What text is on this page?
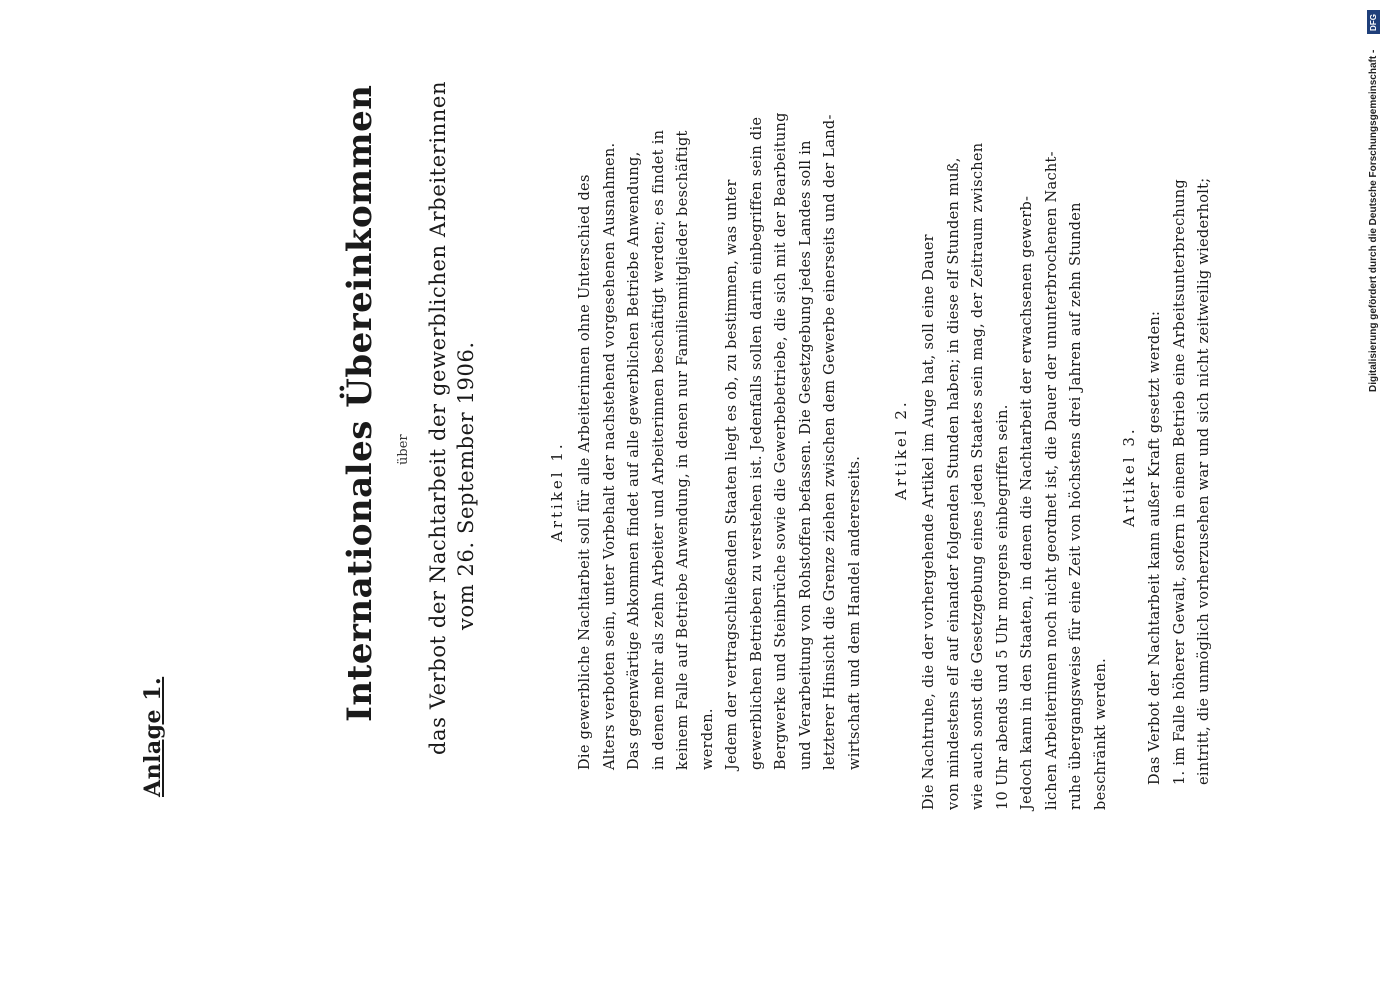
Anlage 1.
Internationales Übereinkommen über das Verbot der Nachtarbeit der gewerblichen Arbeiterinnen vom 26. September 1906.	Artikel 1. Die gewerbliche Nachtarbeit soll für alle Arbeiterinnen ohne Unterschied des Alters verboten sein, unter Vorbehalt der nachstehend vorgesehenen Ausnahmen. Das gegenwärtige Abkommen findet auf alle gewerblichen Betriebe Anwendung, in denen mehr als zehn Arbeiter und Arbeiterinnen beschäftigt werden; es findet in keinem Falle auf Betriebe Anwendung, in denen nur Familienmitglieder beschäftigt werden. Jedem der vertragschließenden Staaten liegt es ob, zu bestimmen, was unter gewerblichen Betrieben zu verstehen ist. Jedenfalls sollen darin einbegriffen sein die Bergwerke und Steinbrüche sowie die Gewerbebetriebe, die sich mit der Bearbeitung und Verarbeitung von Rohstoffen befassen. Die Gesetzgebung jedes Landes soll in letzterer Hinsicht die Grenze ziehen zwischen dem Gewerbe einerseits und der Land- wirtschaft und dem Handel andererseits.
Artikel 2. Die Nachtruhe, die der vorhergehende Artikel im Auge hat, soll eine Dauer von mindestens elf auf einander folgenden Stunden haben; in diese elf Stunden muß, wie auch sonst die Gesetzgebung eines jeden Staates sein mag, der Zeitraum zwischen 10 Uhr abends und 5 Uhr morgens einbegriffen sein. Jedoch kann in den Staaten, in denen die Nachtarbeit der erwachsenen gewerb- lichen Arbeiterinnen noch nicht geordnet ist, die Dauer der ununterbrochenen Nacht- ruhe übergangsweise für eine Zeit von höchstens drei Jahren auf zehn Stunden beschränkt werden.
Artikel 3. Das Verbot der Nachtarbeit kann außer Kraft gesetzt werden: 1. im Falle höherer Gewalt, sofern in einem Betrieb eine Arbeitsunterbrechung eintritt, die unmöglich vorherzusehen war und sich nicht zeitweilig wiederholt;	Digitalisierung gefördert durch die Deutsche Forschungsgemeinschaft -
DFG
